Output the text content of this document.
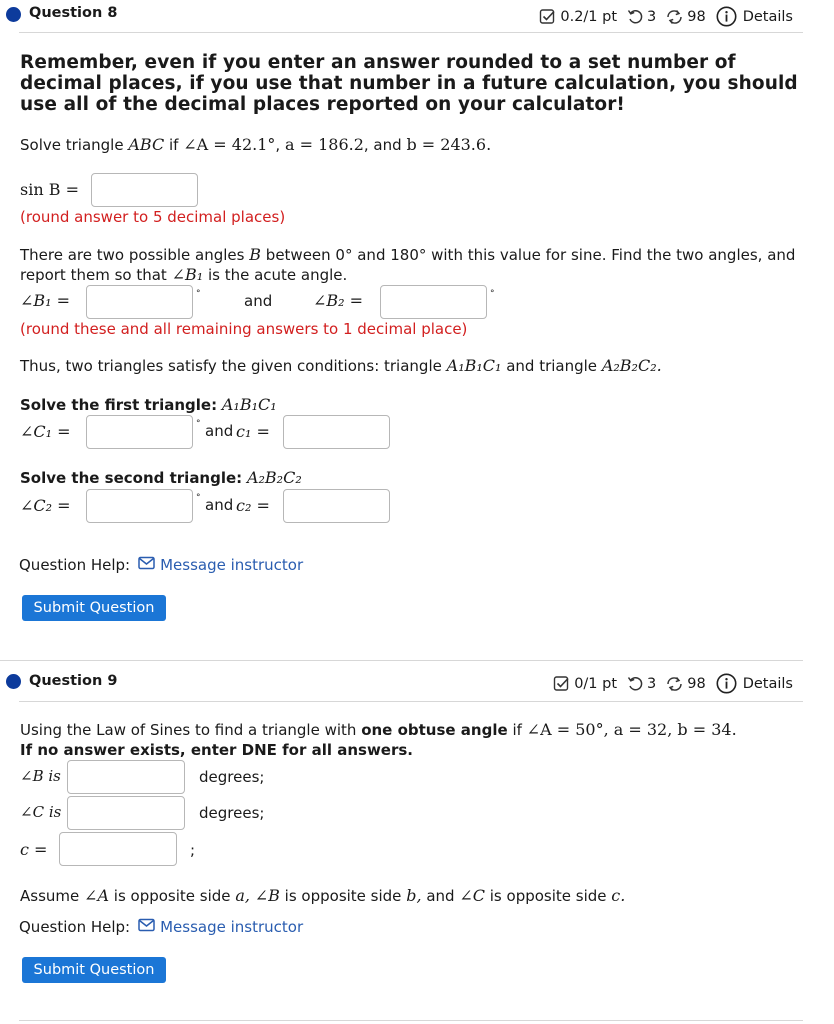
Question 8	0.2/1 pt 3 98	Details
Remember, even if you enter an answer rounded to a set number of decimal places, if you use that number in a future calculation, you should use all of the decimal places reported on your calculator!
Solve triangle ABC if ∠A = 42.1°, a = 186.2, and b = 243.6.
sin B =
(round answer to 5 decimal places)
There are two possible angles B between 0° and 180° with this value for sine. Find the two angles, and
report them so that ∠B₁ is the acute angle.
∠B₁ =	°	and	∠B₂ =	°
(round these and all remaining answers to 1 decimal place)
Thus, two triangles satisfy the given conditions: triangle A₁B₁C₁ and triangle A₂B₂C₂.
Solve the first triangle: A₁B₁C₁
∠C₁ =	° and c₁ =
Solve the second triangle: A₂B₂C₂
∠C₂ =	° and c₂ =
Question Help: Message instructor
Submit Question
Question 9	0/1 pt 3 98	Details
Using the Law of Sines to find a triangle with one obtuse angle if ∠A = 50°, a = 32, b = 34.
If no answer exists, enter DNE for all answers.
∠B is	degrees;
∠C is	degrees;
c =	;
Assume ∠A is opposite side a, ∠B is opposite side b, and ∠C is opposite side c.
Question Help: Message instructor
Submit Question
